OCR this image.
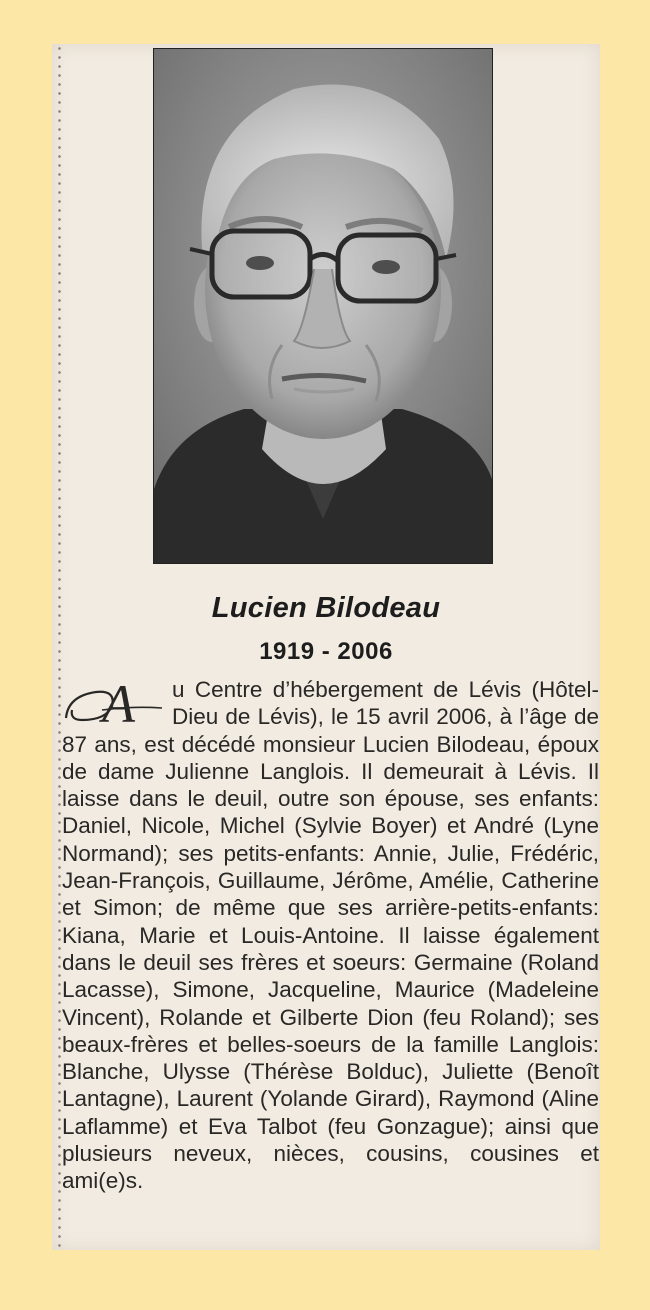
Lucien Bilodeau
1919 - 2006
A u Centre d’hébergement de Lévis (Hôtel-Dieu de Lévis), le 15 avril 2006, à l’âge de 87 ans, est décédé monsieur Lucien Bilodeau, époux de dame Julienne Langlois. Il demeurait à Lévis. Il laisse dans le deuil, outre son épouse, ses enfants: Daniel, Nicole, Michel (Sylvie Boyer) et André (Lyne Normand); ses petits-enfants: Annie, Julie, Frédéric, Jean-François, Guillaume, Jérôme, Amélie, Catherine et Simon; de même que ses arrière-petits-enfants: Kiana, Marie et Louis-Antoine. Il laisse également dans le deuil ses frères et soeurs: Germaine (Roland Lacasse), Simone, Jacqueline, Maurice (Madeleine Vincent), Rolande et Gilberte Dion (feu Roland); ses beaux-frères et belles-soeurs de la famille Langlois: Blanche, Ulysse (Thérèse Bolduc), Juliette (Benoît Lantagne), Laurent (Yolande Girard), Raymond (Aline Laflamme) et Eva Talbot (feu Gonzague); ainsi que plusieurs neveux, nièces, cousins, cousines et ami(e)s.
